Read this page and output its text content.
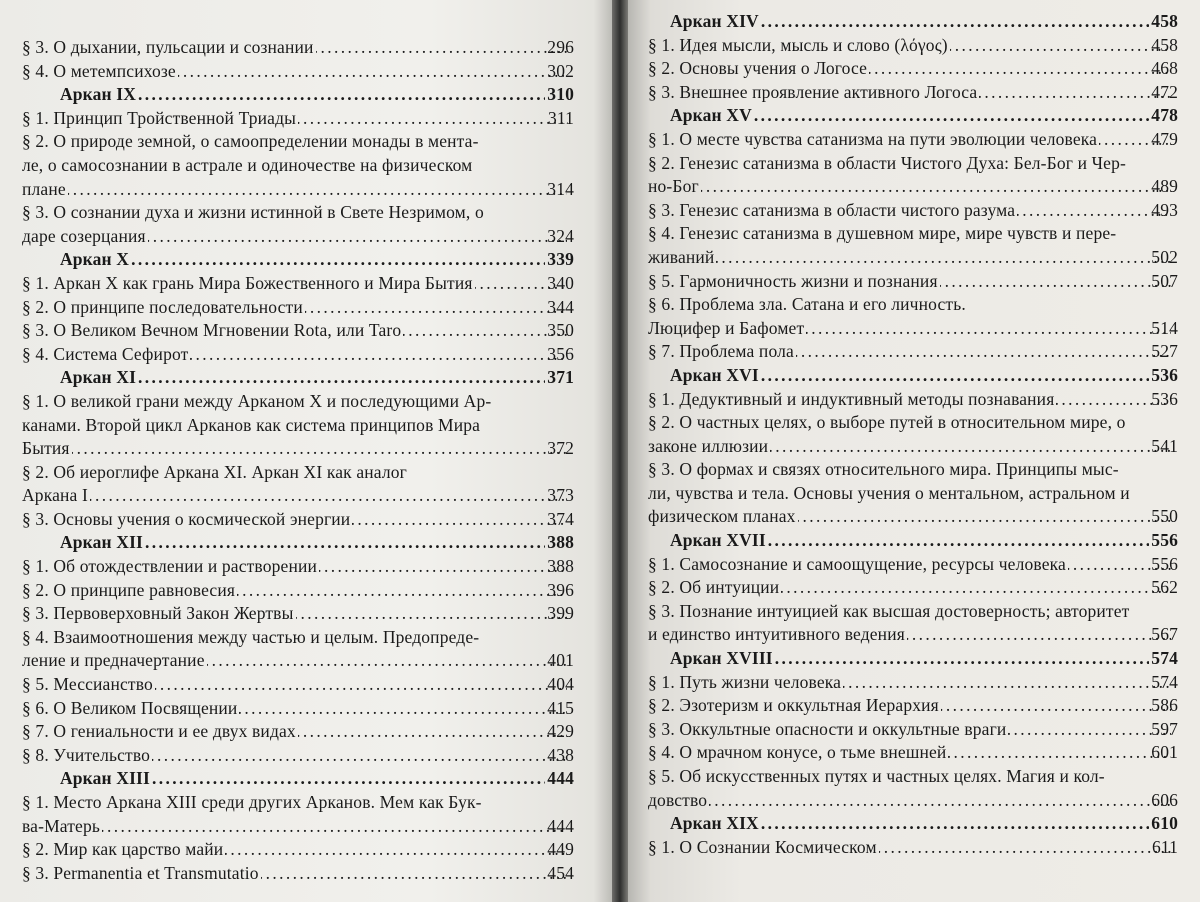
§ 3. О дыхании, пульсации и сознании . . .	296
§ 4. О метемпсихозе . . .	302
Аркан IX . . .	310
§ 1. Принцип Тройственной Триады . . .	311
§ 2. О природе земной, о самоопределении монады в мента-
ле, о самосознании в астрале и одиночестве на физическом
плане . . .	314
§ 3. О сознании духа и жизни истинной в Свете Незримом, о
даре созерцания . . .	324
Аркан X . . .	339
§ 1. Аркан X как грань Мира Божественного и Мира Бытия . . .	340
§ 2. О принципе последовательности . . .	344
§ 3. О Великом Вечном Мгновении Rota, или Taro . . .	350
§ 4. Система Сефирот . . .	356
Аркан XI . . .	371
§ 1. О великой грани между Арканом X и последующими Ар-
канами. Второй цикл Арканов как система принципов Мира
Бытия . . .	372
§ 2. Об иероглифе Аркана XI. Аркан XI как аналог
Аркана I . . .	373
§ 3. Основы учения о космической энергии . . .	374
Аркан XII . . .	388
§ 1. Об отождествлении и растворении . . .	388
§ 2. О принципе равновесия . . .	396
§ 3. Первоверховный Закон Жертвы . . .	399
§ 4. Взаимоотношения между частью и целым. Предопреде-
ление и предначертание . . .	401
§ 5. Мессианство . . .	404
§ 6. О Великом Посвящении . . .	415
§ 7. О гениальности и ее двух видах . . .	429
§ 8. Учительство . . .	438
Аркан XIII . . .	444
§ 1. Место Аркана XIII среди других Арканов. Мем как Бук-
ва-Матерь . . .	444
§ 2. Мир как царство майи . . .	449
§ 3. Permanentia et Transmutatio . . .	454
Аркан XIV . . .	458
§ 1. Идея мысли, мысль и слово (λόγος) . . .	458
§ 2. Основы учения о Логосе . . .	468
§ 3. Внешнее проявление активного Логоса . . .	472
Аркан XV . . .	478
§ 1. О месте чувства сатанизма на пути эволюции человека . . .	479
§ 2. Генезис сатанизма в области Чистого Духа: Бел-Бог и Чер-
но-Бог . . .	489
§ 3. Генезис сатанизма в области чистого разума . . .	493
§ 4. Генезис сатанизма в душевном мире, мире чувств и пере-
живаний . . .	502
§ 5. Гармоничность жизни и познания . . .	507
§ 6. Проблема зла. Сатана и его личность.
Люцифер и Бафомет . . .	514
§ 7. Проблема пола . . .	527
Аркан XVI . . .	536
§ 1. Дедуктивный и индуктивный методы познавания . . .	536
§ 2. О частных целях, о выборе путей в относительном мире, о
законе иллюзии . . .	541
§ 3. О формах и связях относительного мира. Принципы мыс-
ли, чувства и тела. Основы учения о ментальном, астральном и
физическом планах . . .	550
Аркан XVII . . .	556
§ 1. Самосознание и самоощущение, ресурсы человека . . .	556
§ 2. Об интуиции . . .	562
§ 3. Познание интуицией как высшая достоверность; авторитет
и единство интуитивного ведения . . .	567
Аркан XVIII . . .	574
§ 1. Путь жизни человека . . .	574
§ 2. Эзотеризм и оккультная Иерархия . . .	586
§ 3. Оккультные опасности и оккультные враги . . .	597
§ 4. О мрачном конусе, о тьме внешней . . .	601
§ 5. Об искусственных путях и частных целях. Магия и кол-
довство . . .	606
Аркан XIX . . .	610
§ 1. О Сознании Космическом . . .	611
